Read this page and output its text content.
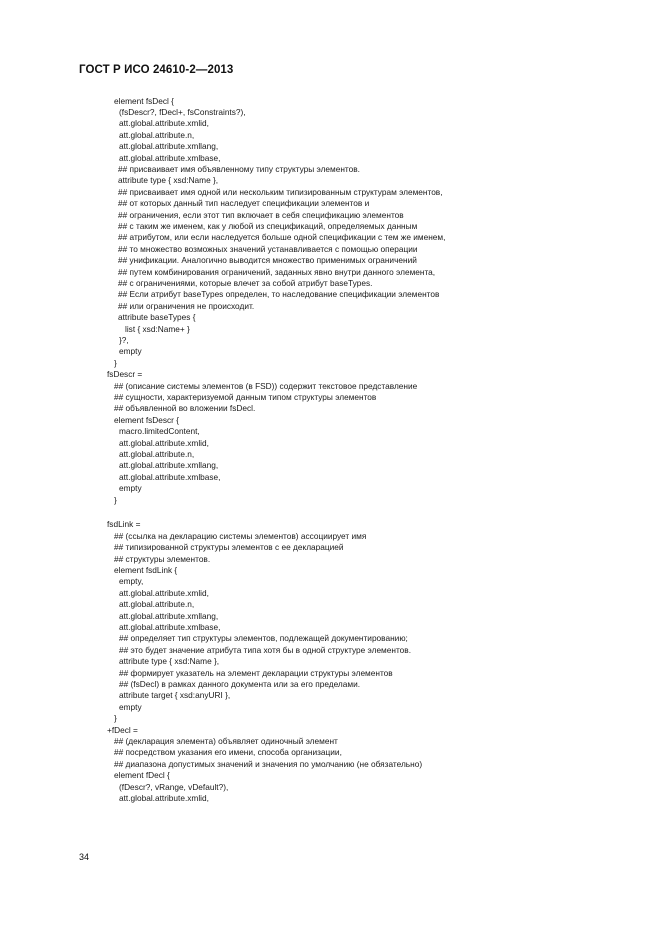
ГОСТ Р ИСО 24610-2—2013
element fsDecl {
(fsDescr?, fDecl+, fsConstraints?),
att.global.attribute.xmlid,
att.global.attribute.n,
att.global.attribute.xmllang,
att.global.attribute.xmlbase,
## присваивает имя объявленному типу структуры элементов.
attribute type { xsd:Name },
## присваивает имя одной или нескольким типизированным структурам элементов,
## от которых данный тип наследует спецификации элементов и
## ограничения, если этот тип включает в себя спецификацию элементов
## с таким же именем, как у любой из спецификаций, определяемых данным
## атрибутом, или если наследуется больше одной спецификации с тем же именем,
## то множество возможных значений устанавливается с помощью операции
## унификации. Аналогично выводится множество применимых ограничений
## путем комбинирования ограничений, заданных явно внутри данного элемента,
## с ограничениями, которые влечет за собой атрибут baseTypes.
## Если атрибут baseTypes определен, то наследование спецификации элементов
## или ограничения не происходит.
attribute baseTypes {
list { xsd:Name+ }
}?,
empty
}
fsDescr =
## (описание системы элементов (в FSD)) содержит текстовое представление
## сущности, характеризуемой данным типом структуры элементов
## объявленной во вложении fsDecl.
element fsDescr {
macro.limitedContent,
att.global.attribute.xmlid,
att.global.attribute.n,
att.global.attribute.xmllang,
att.global.attribute.xmlbase,
empty
}
fsdLink =
## (ссылка на декларацию системы элементов) ассоциирует имя
## типизированной структуры элементов с ее декларацией
## структуры элементов.
element fsdLink {
empty,
att.global.attribute.xmlid,
att.global.attribute.n,
att.global.attribute.xmllang,
att.global.attribute.xmlbase,
## определяет тип структуры элементов, подлежащей документированию;
## это будет значение атрибута типа хотя бы в одной структуре элементов.
attribute type { xsd:Name },
## формирует указатель на элемент декларации структуры элементов
## (fsDecl) в рамках данного документа или за его пределами.
attribute target { xsd:anyURI },
empty
}
+fDecl =
## (декларация элемента) объявляет одиночный элемент
## посредством указания его имени, способа организации,
## диапазона допустимых значений и значения по умолчанию (не обязательно)
element fDecl {
(fDescr?, vRange, vDefault?),
att.global.attribute.xmlid,
34
